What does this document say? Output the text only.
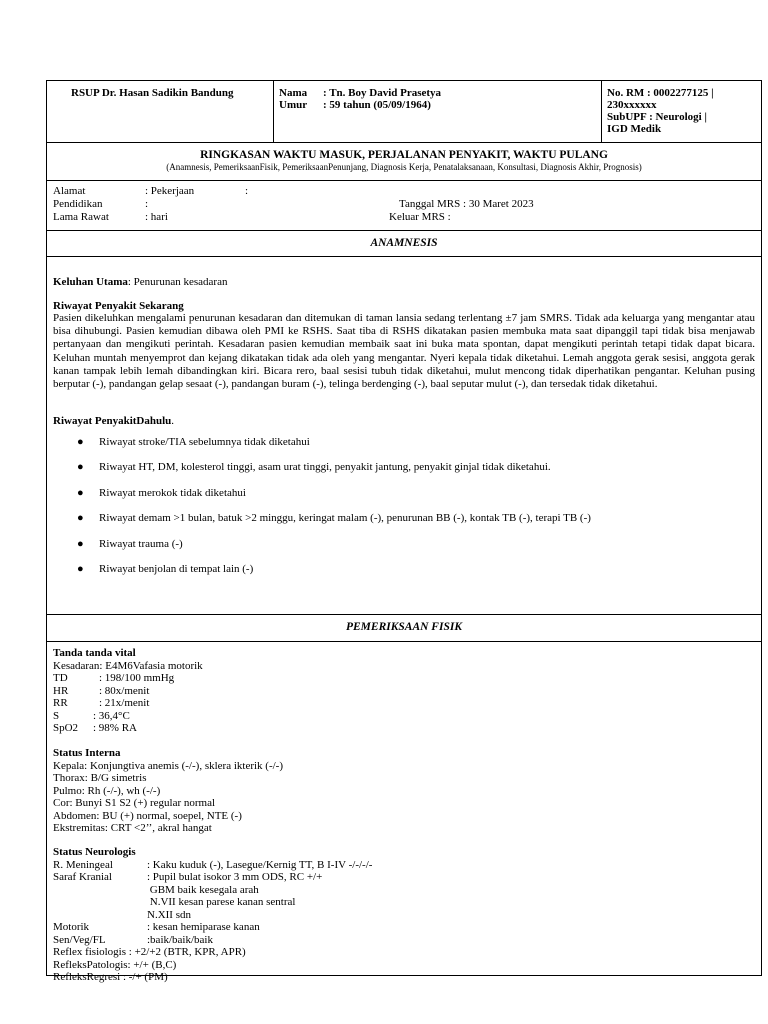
RSUP Dr. Hasan Sadikin Bandung	Nama : Tn. Boy David Prasetya
Umur : 59 tahun (05/09/1964)
No. RM : 0002277125 |
230xxxxxx
SubUPF : Neurologi |
IGD Medik
RINGKASAN WAKTU MASUK, PERJALANAN PENYAKIT, WAKTU PULANG
(Anamnesis, PemeriksaanFisik, PemeriksaanPenunjang, Diagnosis Kerja, Penatalaksanaan, Konsultasi, Diagnosis Akhir, Prognosis)
Alamat	: Pekerjaan	:
Pendidikan	:	Tanggal MRS : 30 Maret 2023
Lama Rawat	: hari	Keluar MRS :
ANAMNESIS
Keluhan Utama: Penurunan kesadaran
Riwayat Penyakit Sekarang

Pasien dikeluhkan mengalami penurunan kesadaran dan ditemukan di taman lansia sedang terlentang ±7 jam SMRS. Tidak ada keluarga yang mengantar atau bisa dihubungi. Pasien kemudian dibawa oleh PMI ke RSHS. Saat tiba di RSHS dikatakan pasien membuka mata saat dipanggil tapi tidak bisa menjawab pertanyaan dan mengikuti perintah. Kesadaran pasien kemudian membaik saat ini buka mata spontan, dapat mengikuti perintah tetapi tidak dapat bicara. Keluhan muntah menyemprot dan kejang dikatakan tidak ada oleh yang mengantar. Nyeri kepala tidak diketahui. Lemah anggota gerak sesisi, anggota gerak kanan tampak lebih lemah dibandingkan kiri. Bicara rero, baal sesisi tubuh tidak diketahui, mulut mencong tidak diperhatikan pengantar. Keluhan pusing berputar (-), pandangan gelap sesaat (-), pandangan buram (-), telinga berdenging (-), baal seputar mulut (-), dan tersedak tidak diketahui.

Riwayat PenyakitDahulu.
● Riwayat stroke/TIA sebelumnya tidak diketahui
● Riwayat HT, DM, kolesterol tinggi, asam urat tinggi, penyakit jantung, penyakit ginjal tidak diketahui.
● Riwayat merokok tidak diketahui
● Riwayat demam >1 bulan, batuk >2 minggu, keringat malam (-), penurunan BB (-), kontak TB (-), terapi TB (-)
● Riwayat trauma (-)
● Riwayat benjolan di tempat lain (-)
PEMERIKSAAN FISIK
Tanda tanda vital
Kesadaran: E4M6Vafasia motorik
TD	: 198/100 mmHg
HR	: 80x/menit
RR	: 21x/menit
S	: 36,4°C
SpO2 : 98% RA
Status Interna
Kepala: Konjungtiva anemis (-/-), sklera ikterik (-/-)
Thorax: B/G simetris
Pulmo: Rh (-/-), wh (-/-)
Cor: Bunyi S1 S2 (+) regular normal
Abdomen: BU (+) normal, soepel, NTE (-)
Ekstremitas: CRT <2’’, akral hangat
Status Neurologis
R. Meningeal	: Kaku kuduk (-), Lasegue/Kernig TT, B I-IV -/-/-/-
Saraf Kranial	: Pupil bulat isokor 3 mm ODS, RC +/+
GBM baik kesegala arah
N.VII kesan parese kanan sentral
N.XII sdn
Motorik	: kesan hemiparase kanan
Sen/Veg/FL	:baik/baik/baik
Reflex fisiologis : +2/+2 (BTR, KPR, APR)
RefleksPatologis: +/+ (B,C)
RefleksRegresi : -/+ (PM)
